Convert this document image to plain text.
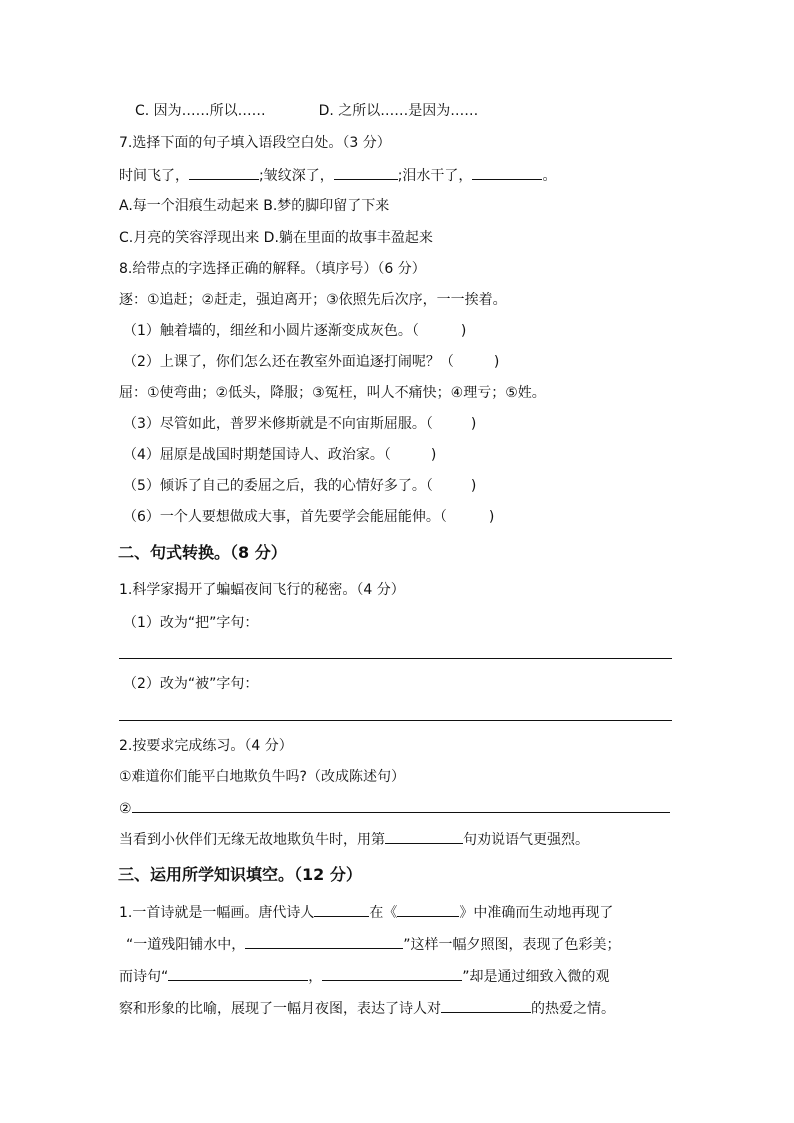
C. 因为……所以……	D. 之所以……是因为……
7.选择下面的句子填入语段空白处。（3 分）
时间飞了，	;皱纹深了，	;泪水干了，	。
A.每一个泪痕生动起来 B.梦的脚印留了下来
C.月亮的笑容浮现出来 D.躺在里面的故事丰盈起来
8.给带点的字选择正确的解释。（填序号）（6 分）
逐：①追赶；②赶走，强迫离开；③依照先后次序，一一挨着。
（1）触着墙的，细丝和小圆片逐渐变成灰色。（	)
（2）上课了，你们怎么还在教室外面追逐打闹呢？（	)
屈：①使弯曲；②低头，降服；③冤枉，叫人不痛快；④理亏；⑤姓。
（3）尽管如此，普罗米修斯就是不向宙斯屈服。（	)
（4）屈原是战国时期楚国诗人、政治家。（	)
（5）倾诉了自己的委屈之后，我的心情好多了。（	)
（6）一个人要想做成大事，首先要学会能屈能伸。（	)
二、句式转换。（8 分）
1.科学家揭开了蝙蝠夜间飞行的秘密。（4 分）
（1）改为“把”字句：
（2）改为“被”字句：
2.按要求完成练习。（4 分）
①难道你们能平白地欺负牛吗?（改成陈述句）
②
当看到小伙伴们无缘无故地欺负牛时，用第	句劝说语气更强烈。
三、运用所学知识填空。（12 分）
1.一首诗就是一幅画。唐代诗人	在《	》中准确而生动地再现了
“一道残阳铺水中，	”这样一幅夕照图，表现了色彩美；
而诗句“	，	”却是通过细致入微的观
察和形象的比喻，展现了一幅月夜图，表达了诗人对	的热爱之情。
